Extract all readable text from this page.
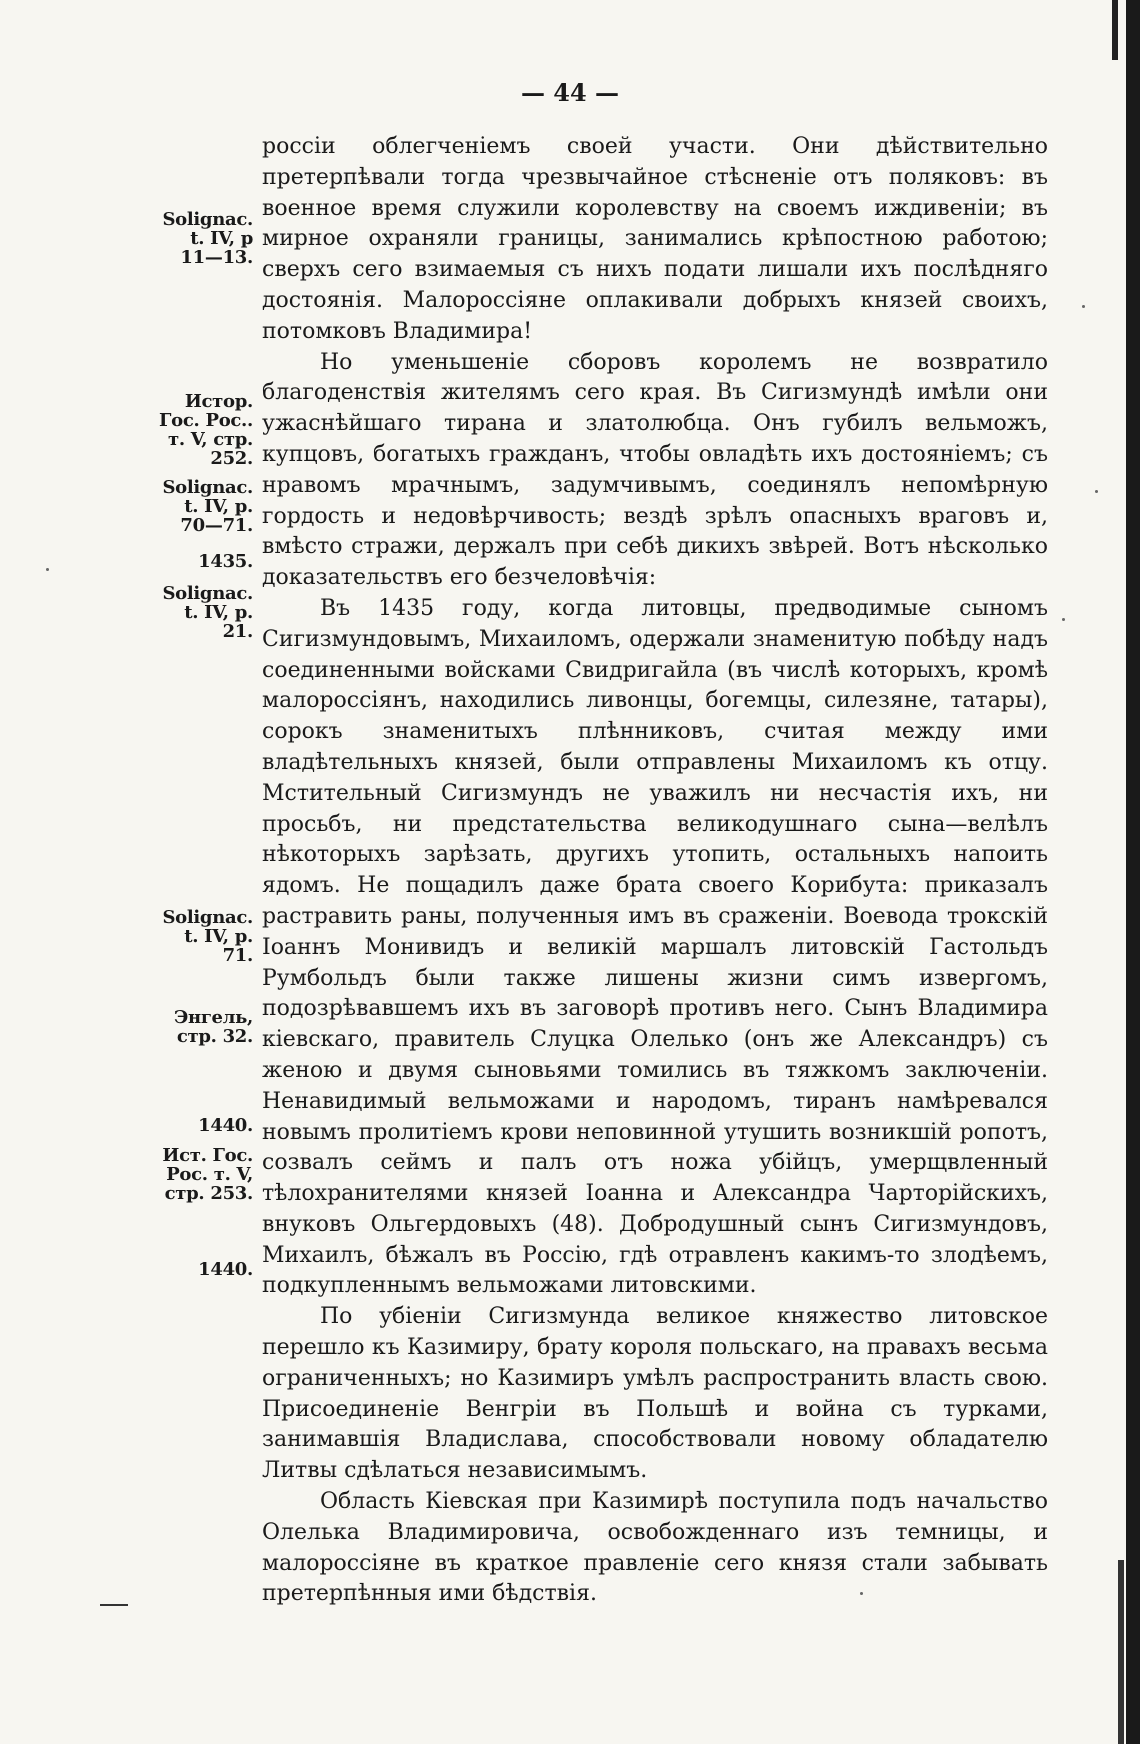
— 44 —
Solignac.
t. IV, p
11—13.
Истор.
Гос. Рос..
т. V, стр.
252.
Solignac.
t. IV, p.
70—71.
1435.
Solignac.
t. IV, p.
21.
Solignac.
t. IV, p.
71.
Энгель,
стр. 32.
1440.
Ист. Гос.
Рос. т. V,
стр. 253.
1440.

россіи облегченіемъ своей участи. Они дѣйствительно претерпѣвали тогда чрезвычайное стѣсненіе отъ поляковъ: въ военное время служили королевству на своемъ иждивеніи; въ мирное охраняли границы, занимались крѣпостною работою; сверхъ сего взимаемыя съ нихъ подати лишали ихъ послѣдняго достоянія. Малороссіяне оплакивали добрыхъ князей своихъ, потомковъ Владимира!

Но уменьшеніе сборовъ королемъ не возвратило благоденствія жителямъ сего края. Въ Сигизмундѣ имѣли они ужаснѣйшаго тирана и златолюбца. Онъ губилъ вельможъ, купцовъ, богатыхъ гражданъ, чтобы овладѣть ихъ достояніемъ; съ нравомъ мрачнымъ, задумчивымъ, соединялъ непомѣрную гордость и недовѣрчивость; вездѣ зрѣлъ опасныхъ враговъ и, вмѣсто стражи, держалъ при себѣ дикихъ звѣрей. Вотъ нѣсколько доказательствъ его безчеловѣчія:

Въ 1435 году, когда литовцы, предводимые сыномъ Сигизмундовымъ, Михаиломъ, одержали знаменитую побѣду надъ соединенными войсками Свидригайла (въ числѣ которыхъ, кромѣ малороссіянъ, находились ливонцы, богемцы, силезяне, татары), сорокъ знаменитыхъ плѣнниковъ, считая между ими владѣтельныхъ князей, были отправлены Михаиломъ къ отцу. Мстительный Сигизмундъ не уважилъ ни несчастія ихъ, ни просьбъ, ни предстательства великодушнаго сына—велѣлъ нѣкоторыхъ зарѣзать, другихъ утопить, остальныхъ напоить ядомъ. Не пощадилъ даже брата своего Корибута: приказалъ растравить раны, полученныя имъ въ сраженіи. Воевода трокскій Іоаннъ Монивидъ и великій маршалъ литовскій Гастольдъ Румбольдъ были также лишены жизни симъ извергомъ, подозрѣвавшемъ ихъ въ заговорѣ противъ него. Сынъ Владимира кіевскаго, правитель Слуцка Олелько (онъ же Александръ) съ женою и двумя сыновьями томились въ тяжкомъ заключеніи. Ненавидимый вельможами и народомъ, тиранъ намѣревался новымъ пролитіемъ крови неповинной утушить возникшій ропотъ, созвалъ сеймъ и палъ отъ ножа убійцъ, умерщвленный тѣлохранителями князей Іоанна и Александра Чарторійскихъ, внуковъ Ольгердовыхъ (48). Добродушный сынъ Сигизмундовъ, Михаилъ, бѣжалъ въ Россію, гдѣ отравленъ какимъ-то злодѣемъ, подкупленнымъ вельможами литовскими.

По убіеніи Сигизмунда великое княжество литовское перешло къ Казимиру, брату короля польскаго, на правахъ весьма ограниченныхъ; но Казимиръ умѣлъ распространить власть свою. Присоединеніе Венгріи въ Польшѣ и война съ турками, занимавшія Владислава, способствовали новому обладателю Литвы сдѣлаться независимымъ.

Область Кіевская при Казимирѣ поступила подъ начальство Олелька Владимировича, освобожденнаго изъ темницы, и малороссіяне въ краткое правленіе сего князя стали забывать претерпѣнныя ими бѣдствія.
